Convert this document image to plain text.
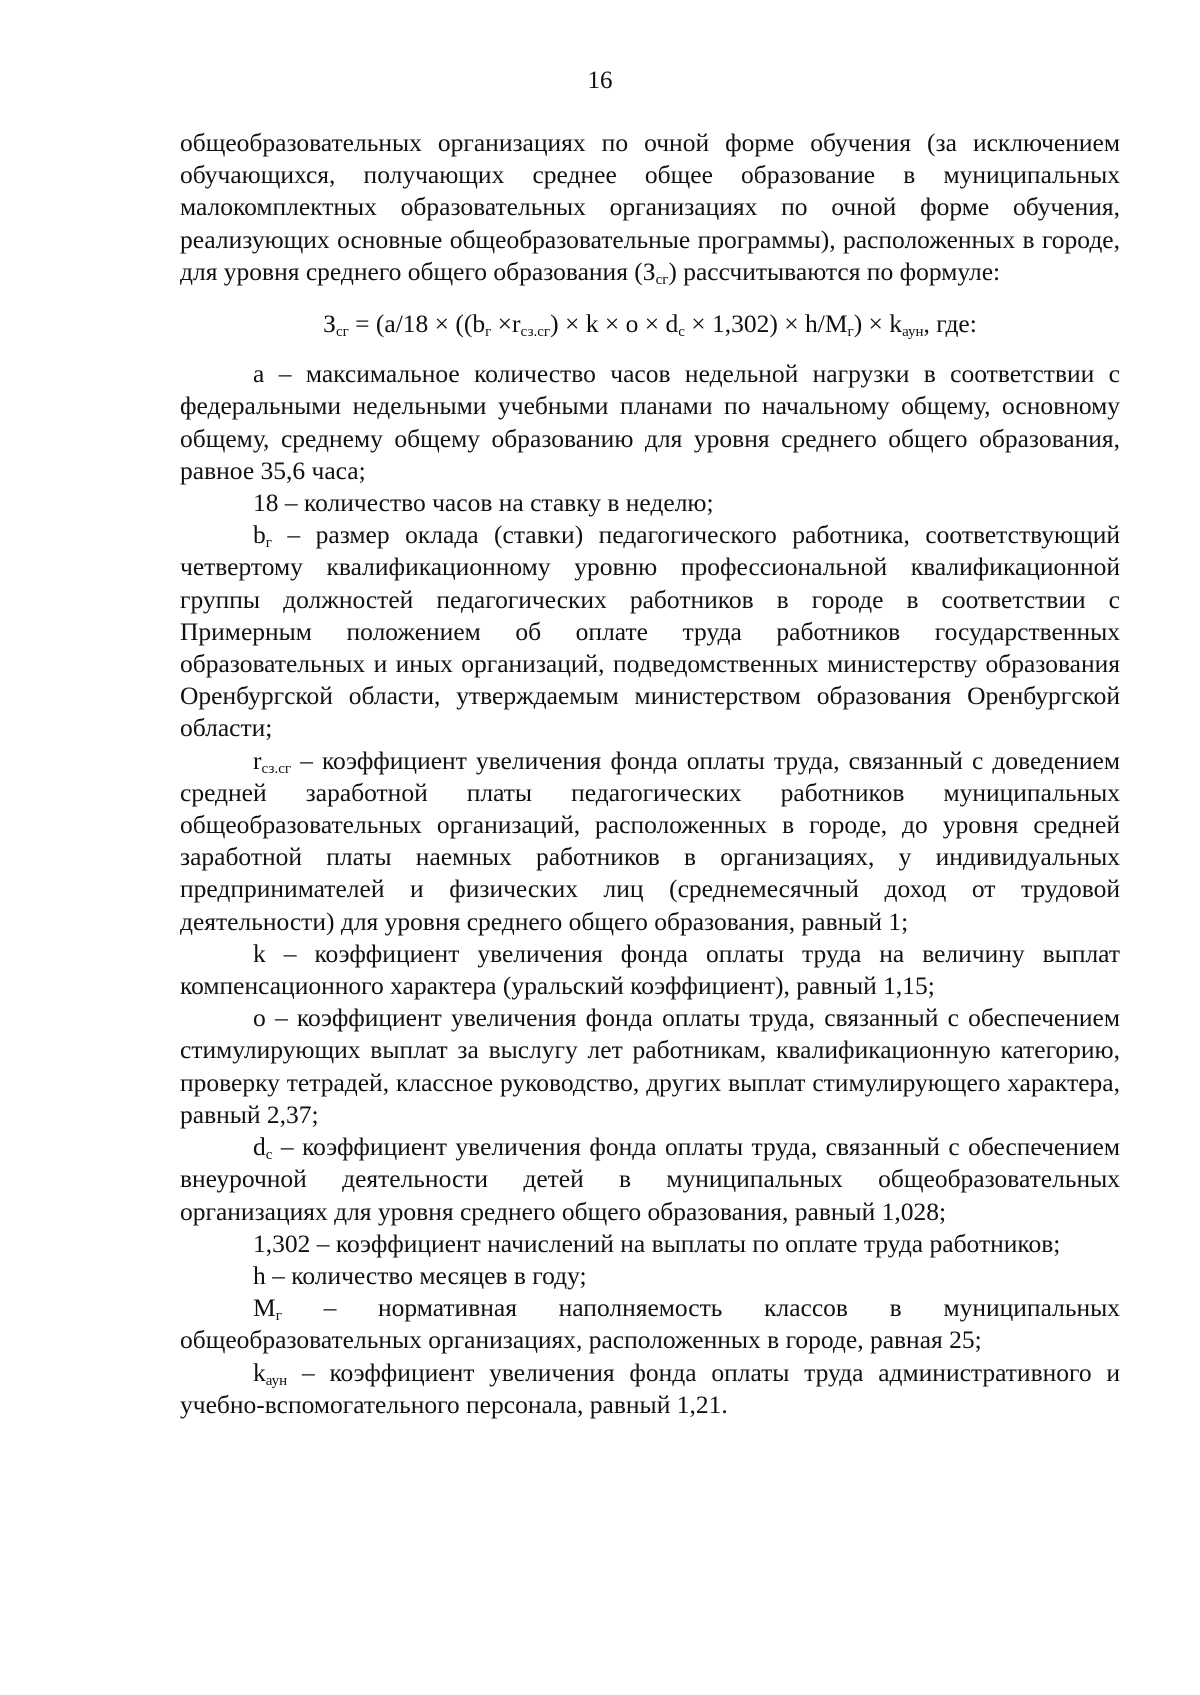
16

общеобразовательных организациях по очной форме обучения (за исключением обучающихся, получающих среднее общее образование в муниципальных малокомплектных образовательных организациях по очной форме обучения, реализующих основные общеобразовательные программы), расположенных в городе, для уровня среднего общего образования $(З_{сг})$ рассчитываются по формуле:

$З_{сг} = (a/18 \times ((b_г \times r_{сз.сг}) \times k \times o \times d_с \times 1,302) \times h/M_г) \times k_{аун}$, где:

а – максимальное количество часов недельной нагрузки в соответствии с федеральными недельными учебными планами по начальному общему, основному общему, среднему общему образованию для уровня среднего общего образования, равное 35,6 часа;

18 – количество часов на ставку в неделю;

$b_г$ – размер оклада (ставки) педагогического работника, соответствующий четвертому квалификационному уровню профессиональной квалификационной группы должностей педагогических работников в городе в соответствии с Примерным положением об оплате труда работников государственных образовательных и иных организаций, подведомственных министерству образования Оренбургской области, утверждаемым министерством образования Оренбургской области;

$r_{сз.сг}$ – коэффициент увеличения фонда оплаты труда, связанный с доведением средней заработной платы педагогических работников муниципальных общеобразовательных организаций, расположенных в городе, до уровня средней заработной платы наемных работников в организациях, у индивидуальных предпринимателей и физических лиц (среднемесячный доход от трудовой деятельности) для уровня среднего общего образования, равный 1;

k – коэффициент увеличения фонда оплаты труда на величину выплат компенсационного характера (уральский коэффициент), равный 1,15;

о – коэффициент увеличения фонда оплаты труда, связанный с обеспечением стимулирующих выплат за выслугу лет работникам, квалификационную категорию, проверку тетрадей, классное руководство, других выплат стимулирующего характера, равный 2,37;

$d_с$ – коэффициент увеличения фонда оплаты труда, связанный с обеспечением внеурочной деятельности детей в муниципальных общеобразовательных организациях для уровня среднего общего образования, равный 1,028;

1,302 – коэффициент начислений на выплаты по оплате труда работников;

h – количество месяцев в году;

$M_г$ – нормативная наполняемость классов в муниципальных общеобразовательных организациях, расположенных в городе, равная 25;

$k_{аун}$ – коэффициент увеличения фонда оплаты труда административного и учебно-вспомогательного персонала, равный 1,21.
